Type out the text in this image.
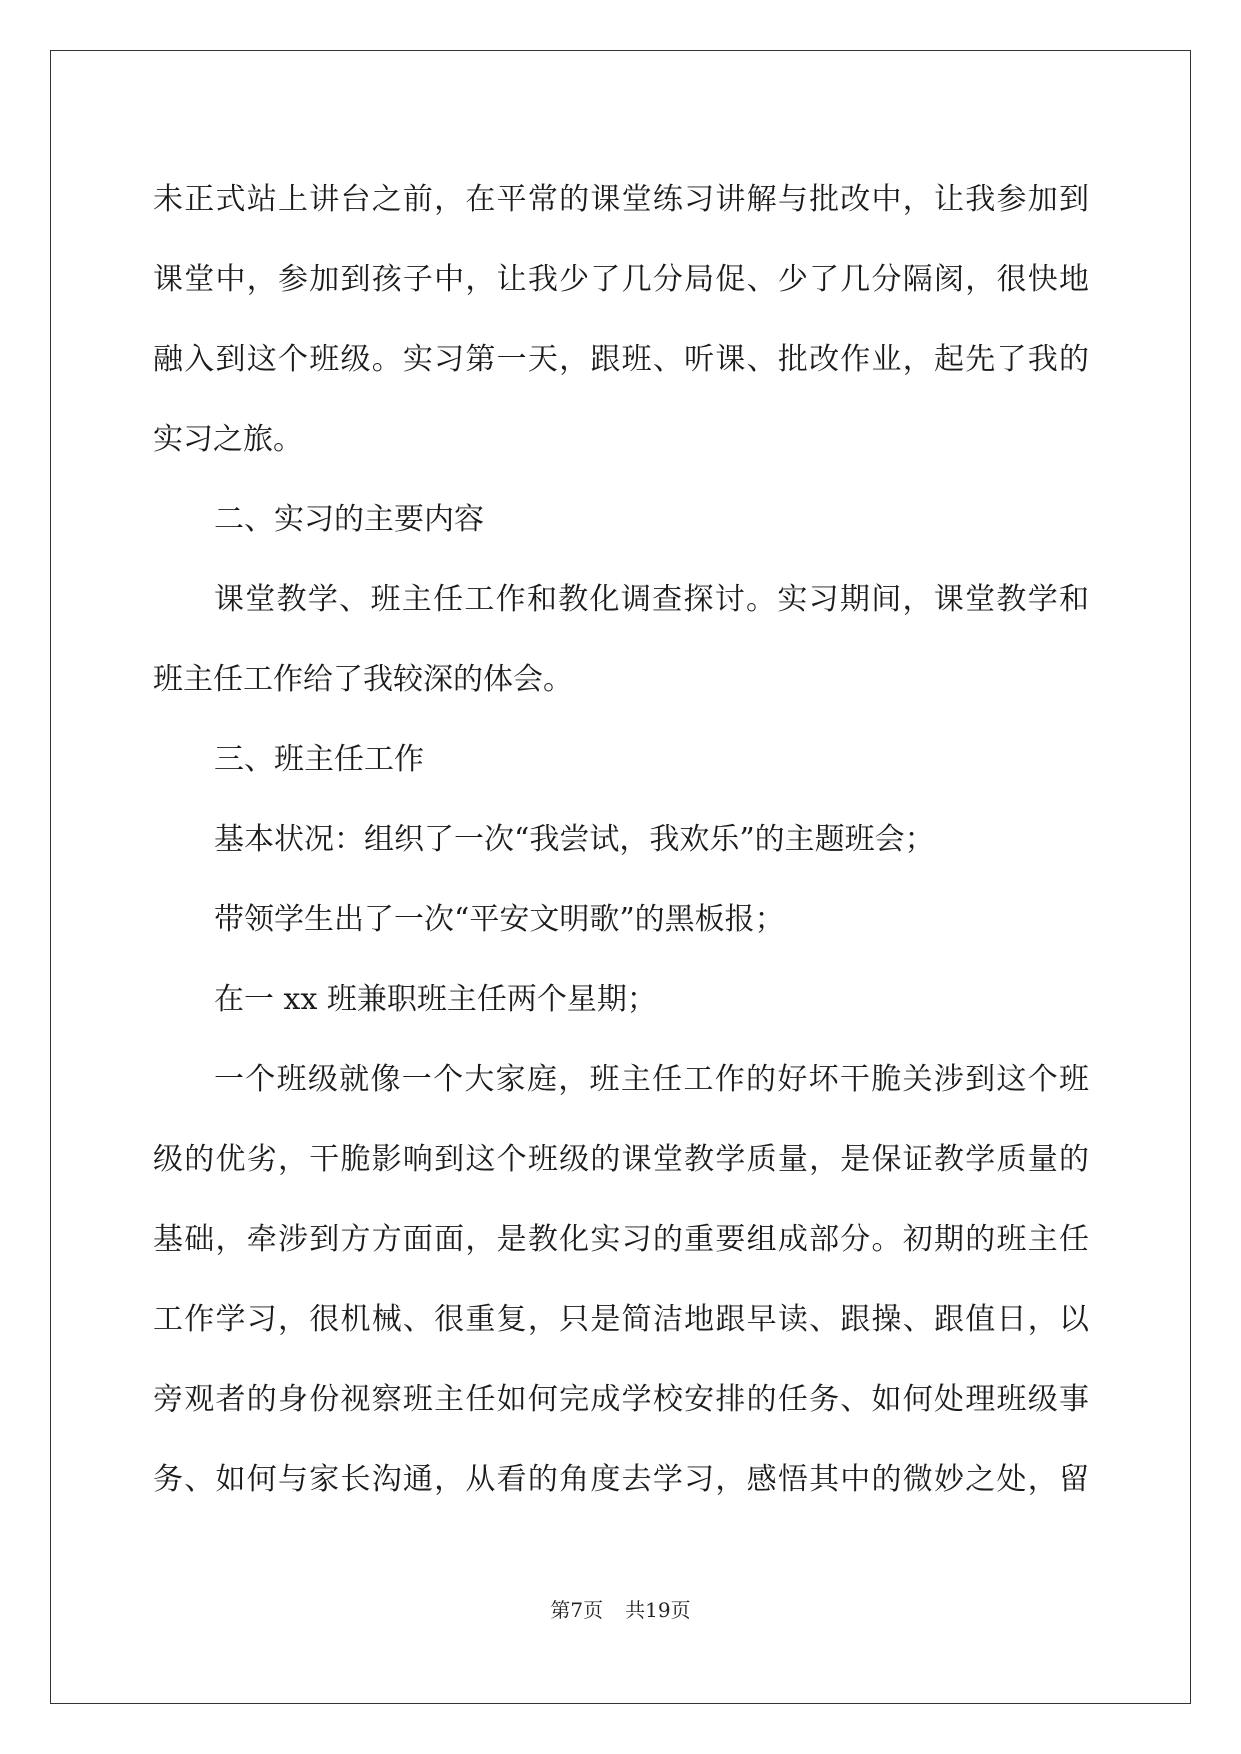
未正式站上讲台之前，在平常的课堂练习讲解与批改中，让我参加到
课堂中，参加到孩子中，让我少了几分局促、少了几分隔阂，很快地
融入到这个班级。实习第一天，跟班、听课、批改作业，起先了我的
实习之旅。
二、实习的主要内容
课堂教学、班主任工作和教化调查探讨。实习期间，课堂教学和
班主任工作给了我较深的体会。
三、班主任工作
基本状况：组织了一次“我尝试，我欢乐”的主题班会；
带领学生出了一次“平安文明歌”的黑板报；
在一 xx 班兼职班主任两个星期；
一个班级就像一个大家庭，班主任工作的好坏干脆关涉到这个班
级的优劣，干脆影响到这个班级的课堂教学质量，是保证教学质量的
基础，牵涉到方方面面，是教化实习的重要组成部分。初期的班主任
工作学习，很机械、很重复，只是简洁地跟早读、跟操、跟值日，以
旁观者的身份视察班主任如何完成学校安排的任务、如何处理班级事
务、如何与家长沟通，从看的角度去学习，感悟其中的微妙之处，留
第7页 共19页
